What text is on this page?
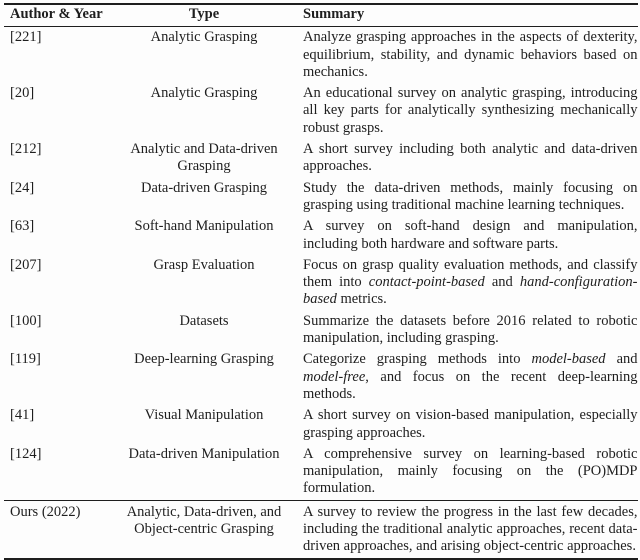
Author & Year	Type	Summary
[221]	Analytic Grasping	Analyze grasping approaches in the aspects of dexterity, equilibrium, stability, and dynamic behaviors based on mechanics.
[20]	Analytic Grasping	An educational survey on analytic grasping, introducing all key parts for analytically synthesizing mechanically robust grasps.
[212]	Analytic and Data-driven Grasping	A short survey including both analytic and data-driven approaches.
[24]	Data-driven Grasping	Study the data-driven methods, mainly focusing on grasping using traditional machine learning techniques.
[63]	Soft-hand Manipulation	A survey on soft-hand design and manipulation, including both hardware and software parts.
[207]	Grasp Evaluation	Focus on grasp quality evaluation methods, and classify them into contact-point-based and hand-configuration-based metrics.
[100]	Datasets	Summarize the datasets before 2016 related to robotic manipulation, including grasping.
[119]	Deep-learning Grasping	Categorize grasping methods into model-based and model-free, and focus on the recent deep-learning methods.
[41]	Visual Manipulation	A short survey on vision-based manipulation, especially grasping approaches.
[124]	Data-driven Manipulation	A comprehensive survey on learning-based robotic manipulation, mainly focusing on the (PO)MDP formulation.
Ours (2022)	Analytic, Data-driven, and Object-centric Grasping	A survey to review the progress in the last few decades, including the traditional analytic approaches, recent data-driven approaches, and arising object-centric approaches.
